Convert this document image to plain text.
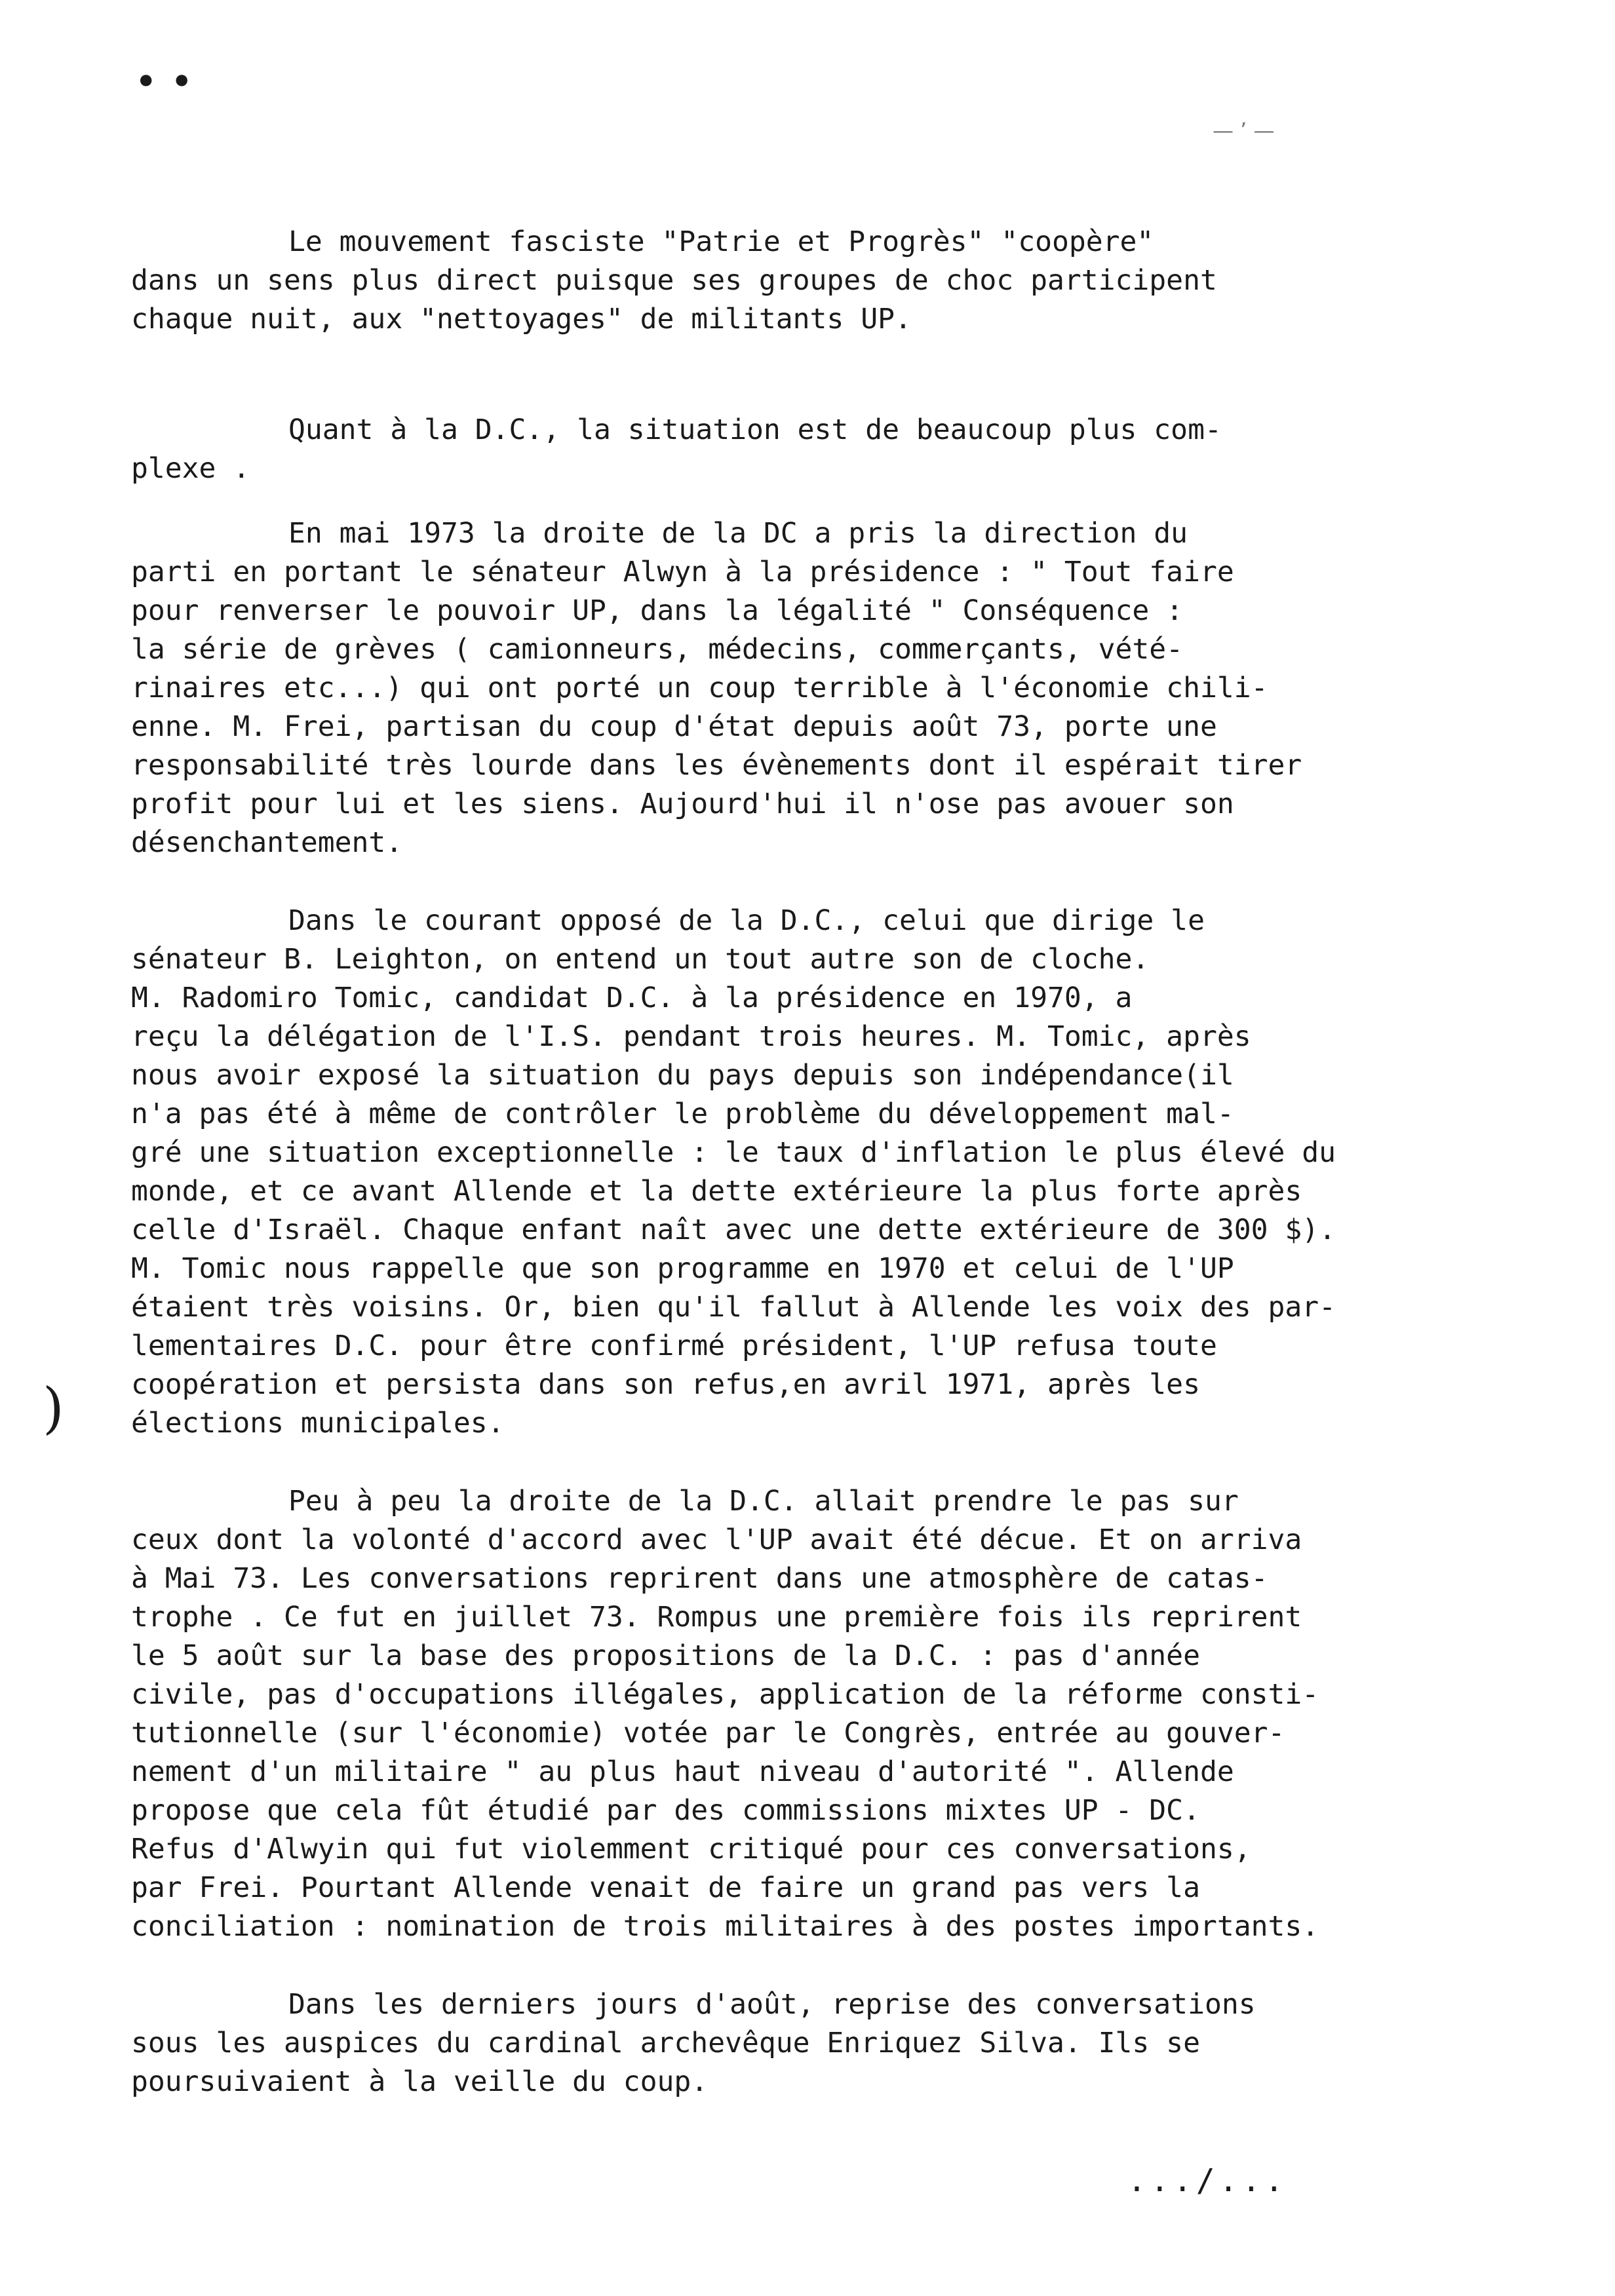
• •
— ’ —
)
Le mouvement fasciste "Patrie et Progrès" "coopère"
dans un sens plus direct puisque ses groupes de choc participent
chaque nuit, aux "nettoyages" de militants UP.
Quant à la D.C., la situation est de beaucoup plus com-
plexe .
En mai 1973 la droite de la DC a pris la direction du
parti en portant le sénateur Alwyn à la présidence : " Tout faire
pour renverser le pouvoir UP, dans la légalité " Conséquence :
la série de grèves ( camionneurs, médecins, commerçants, vété-
rinaires etc...) qui ont porté un coup terrible à l'économie chili-
enne. M. Frei, partisan du coup d'état depuis août 73, porte une
responsabilité très lourde dans les évènements dont il espérait tirer
profit pour lui et les siens. Aujourd'hui il n'ose pas avouer son
désenchantement.
Dans le courant opposé de la D.C., celui que dirige le
sénateur B. Leighton, on entend un tout autre son de cloche.
M. Radomiro Tomic, candidat D.C. à la présidence en 1970, a
reçu la délégation de l'I.S. pendant trois heures. M. Tomic, après
nous avoir exposé la situation du pays depuis son indépendance(il
n'a pas été à même de contrôler le problème du développement mal-
gré une situation exceptionnelle : le taux d'inflation le plus élevé du
monde, et ce avant Allende et la dette extérieure la plus forte après
celle d'Israël. Chaque enfant naît avec une dette extérieure de 300 $).
M. Tomic nous rappelle que son programme en 1970 et celui de l'UP
étaient très voisins. Or, bien qu'il fallut à Allende les voix des par-
lementaires D.C. pour être confirmé président, l'UP refusa toute
coopération et persista dans son refus,en avril 1971, après les
élections municipales.
Peu à peu la droite de la D.C. allait prendre le pas sur
ceux dont la volonté d'accord avec l'UP avait été décue. Et on arriva
à Mai 73. Les conversations reprirent dans une atmosphère de catas-
trophe . Ce fut en juillet 73. Rompus une première fois ils reprirent
le 5 août sur la base des propositions de la D.C. : pas d'année
civile, pas d'occupations illégales, application de la réforme consti-
tutionnelle (sur l'économie) votée par le Congrès, entrée au gouver-
nement d'un militaire " au plus haut niveau d'autorité ". Allende
propose que cela fût étudié par des commissions mixtes UP - DC.
Refus d'Alwyin qui fut violemment critiqué pour ces conversations,
par Frei. Pourtant Allende venait de faire un grand pas vers la
conciliation : nomination de trois militaires à des postes importants.
Dans les derniers jours d'août, reprise des conversations
sous les auspices du cardinal archevêque Enriquez Silva. Ils se
poursuivaient à la veille du coup.
.../...
